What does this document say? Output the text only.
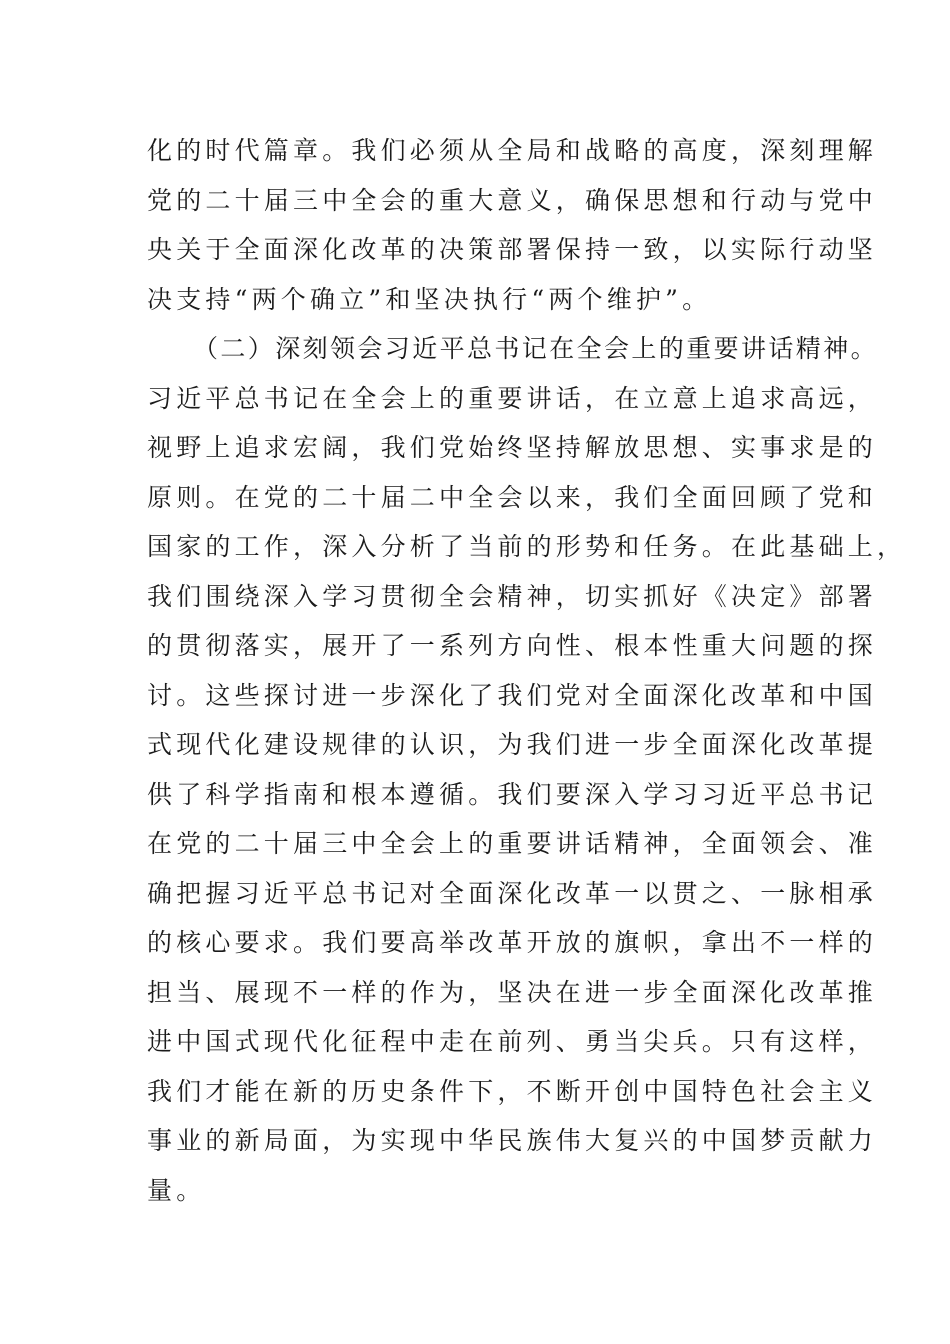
化的时代篇章。我们必须从全局和战略的高度，深刻理解
党的二十届三中全会的重大意义，确保思想和行动与党中
央关于全面深化改革的决策部署保持一致，以实际行动坚
决支持“两个确立”和坚决执行“两个维护”。
（二）深刻领会习近平总书记在全会上的重要讲话精神。
习近平总书记在全会上的重要讲话，在立意上追求高远，
视野上追求宏阔，我们党始终坚持解放思想、实事求是的
原则。在党的二十届二中全会以来，我们全面回顾了党和
国家的工作，深入分析了当前的形势和任务。在此基础上，
我们围绕深入学习贯彻全会精神，切实抓好《决定》部署
的贯彻落实，展开了一系列方向性、根本性重大问题的探
讨。这些探讨进一步深化了我们党对全面深化改革和中国
式现代化建设规律的认识，为我们进一步全面深化改革提
供了科学指南和根本遵循。我们要深入学习习近平总书记
在党的二十届三中全会上的重要讲话精神，全面领会、准
确把握习近平总书记对全面深化改革一以贯之、一脉相承
的核心要求。我们要高举改革开放的旗帜，拿出不一样的
担当、展现不一样的作为，坚决在进一步全面深化改革推
进中国式现代化征程中走在前列、勇当尖兵。只有这样，
我们才能在新的历史条件下，不断开创中国特色社会主义
事业的新局面，为实现中华民族伟大复兴的中国梦贡献力
量。
